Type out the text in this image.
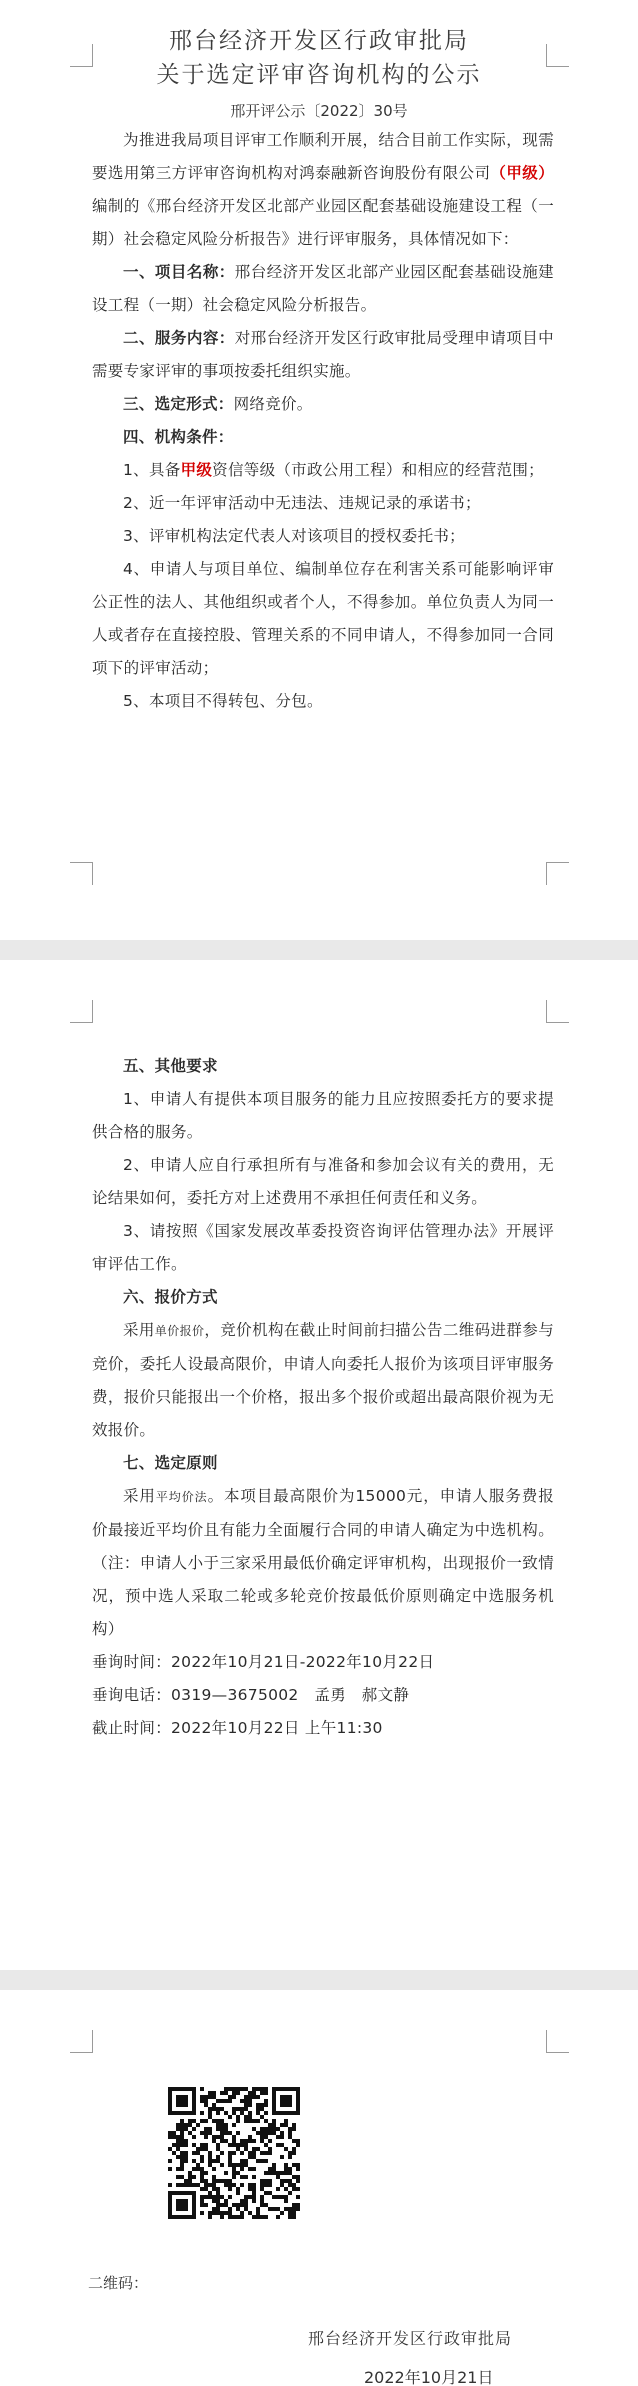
邢台经济开发区行政审批局
关于选定评审咨询机构的公示
邢开评公示〔2022〕30号

为推进我局项目评审工作顺利开展，结合目前工作实际，现需要选用第三方评审咨询机构对鸿泰融新咨询股份有限公司（甲级）编制的《邢台经济开发区北部产业园区配套基础设施建设工程（一期）社会稳定风险分析报告》进行评审服务，具体情况如下：

一、项目名称：邢台经济开发区北部产业园区配套基础设施建设工程（一期）社会稳定风险分析报告。

二、服务内容：对邢台经济开发区行政审批局受理申请项目中需要专家评审的事项按委托组织实施。

三、选定形式：网络竞价。

四、机构条件：

1、具备甲级资信等级（市政公用工程）和相应的经营范围；

2、近一年评审活动中无违法、违规记录的承诺书；

3、评审机构法定代表人对该项目的授权委托书；

4、申请人与项目单位、编制单位存在利害关系可能影响评审公正性的法人、其他组织或者个人，不得参加。单位负责人为同一人或者存在直接控股、管理关系的不同申请人，不得参加同一合同项下的评审活动；

5、本项目不得转包、分包。

五、其他要求

1、申请人有提供本项目服务的能力且应按照委托方的要求提供合格的服务。

2、申请人应自行承担所有与准备和参加会议有关的费用，无论结果如何，委托方对上述费用不承担任何责任和义务。

3、请按照《国家发展改革委投资咨询评估管理办法》开展评审评估工作。

六、报价方式

采用单价报价，竞价机构在截止时间前扫描公告二维码进群参与竞价，委托人设最高限价，申请人向委托人报价为该项目评审服务费，报价只能报出一个价格，报出多个报价或超出最高限价视为无效报价。

七、选定原则

采用平均价法。本项目最高限价为15000元，申请人服务费报价最接近平均价且有能力全面履行合同的申请人确定为中选机构。（注：申请人小于三家采用最低价确定评审机构，出现报价一致情况，预中选人采取二轮或多轮竞价按最低价原则确定中选服务机构）

垂询时间：2022年10月21日-2022年10月22日

垂询电话：0319—3675002　 孟勇　郝文静

截止时间：2022年10月22日 上午11:30

二维码：
邢台经济开发区行政审批局
2022年10月21日
